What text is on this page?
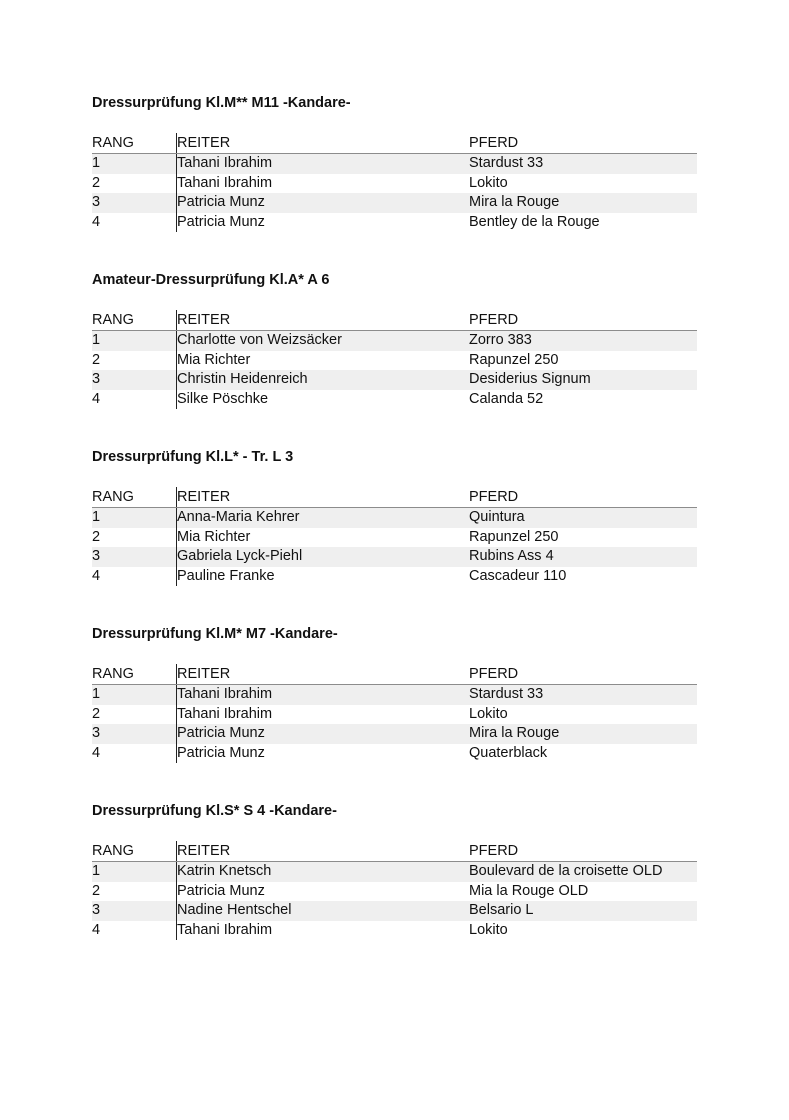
Dressurprüfung Kl.M** M11 -Kandare-
RANG	REITER	PFERD
1	Tahani Ibrahim	Stardust 33
2	Tahani Ibrahim	Lokito
3	Patricia Munz	Mira la Rouge
4	Patricia Munz	Bentley de la Rouge
Amateur-Dressurprüfung Kl.A* A 6
RANG	REITER	PFERD
1	Charlotte von Weizsäcker	Zorro 383
2	Mia Richter	Rapunzel 250
3	Christin Heidenreich	Desiderius Signum
4	Silke Pöschke	Calanda 52
Dressurprüfung Kl.L* - Tr. L 3
RANG	REITER	PFERD
1	Anna-Maria Kehrer	Quintura
2	Mia Richter	Rapunzel 250
3	Gabriela Lyck-Piehl	Rubins Ass 4
4	Pauline Franke	Cascadeur 110
Dressurprüfung Kl.M* M7 -Kandare-
RANG	REITER	PFERD
1	Tahani Ibrahim	Stardust 33
2	Tahani Ibrahim	Lokito
3	Patricia Munz	Mira la Rouge
4	Patricia Munz	Quaterblack
Dressurprüfung Kl.S* S 4 -Kandare-
RANG	REITER	PFERD
1	Katrin Knetsch	Boulevard de la croisette OLD
2	Patricia Munz	Mia la Rouge OLD
3	Nadine Hentschel	Belsario L
4	Tahani Ibrahim	Lokito
